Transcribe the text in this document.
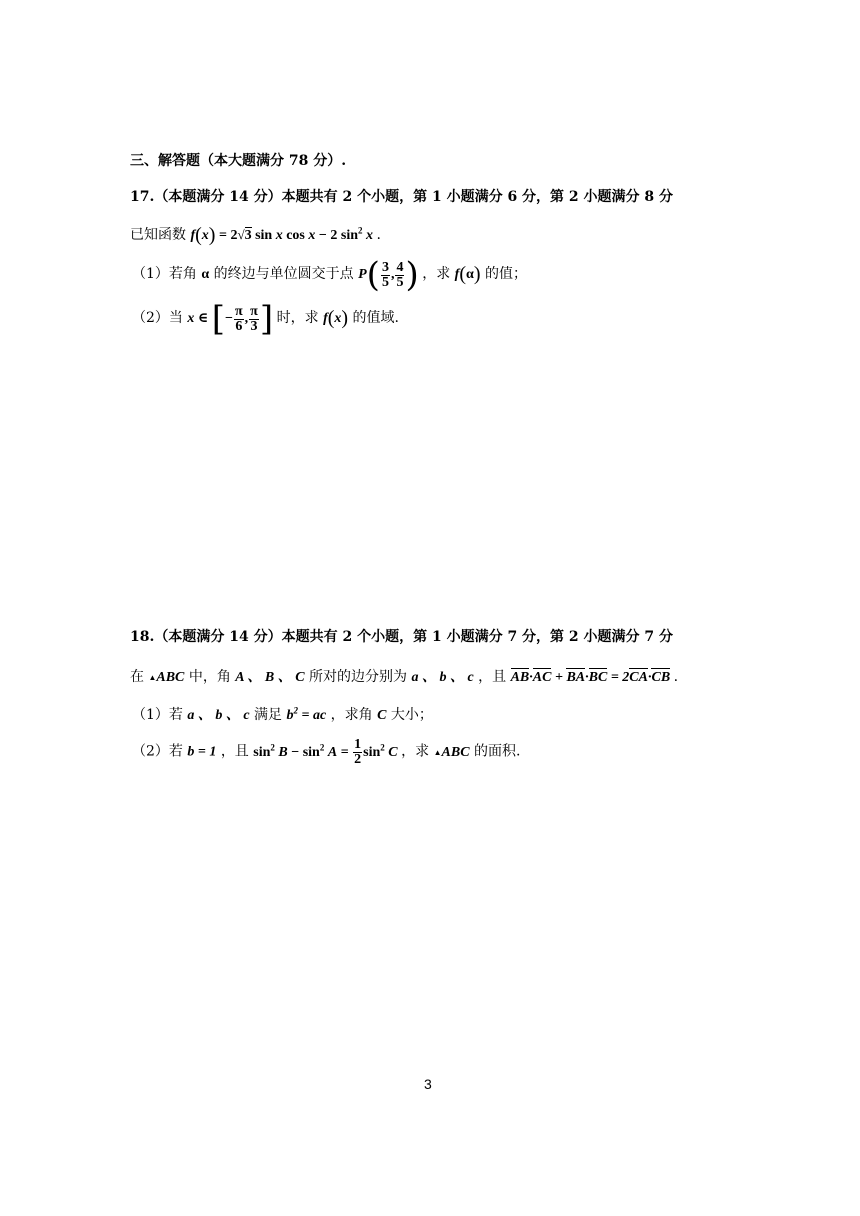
三、解答题（本大题满分 78 分）.
17.（本题满分 14 分）本题共有 2 个小题，第 1 小题满分 6 分，第 2 小题满分 8 分
已知函数 f(x) = 2√3 sin x cos x − 2 $\sin^2 x$ .
（1）若角 α 的终边与单位圆交于点 $P( \frac{3}{5}$ , $\frac{4}{5}$ ) ，求 f(α) 的值；
（2）当 x ∈ [− $\frac{\pi}{6}$ , $\frac{\pi}{3}$ ] 时，求 f(x) 的值域.
18.（本题满分 14 分）本题共有 2 个小题，第 1 小题满分 7 分，第 2 小题满分 7 分
在 ▲ABC 中，角 A 、 B 、 C 所对的边分别为 a 、 b 、 c ，且 AB·AC + BA·BC = 2CA·CB .
（1）若 a 、 b 、 c 满足 $b^2$ = ac ，求角 C 大小；
（2）若 b = 1 ，且 $\sin^2 B - \sin^2 A = \frac{1}{2} \sin^2 C$ ，求 ▲ABC 的面积.
3
